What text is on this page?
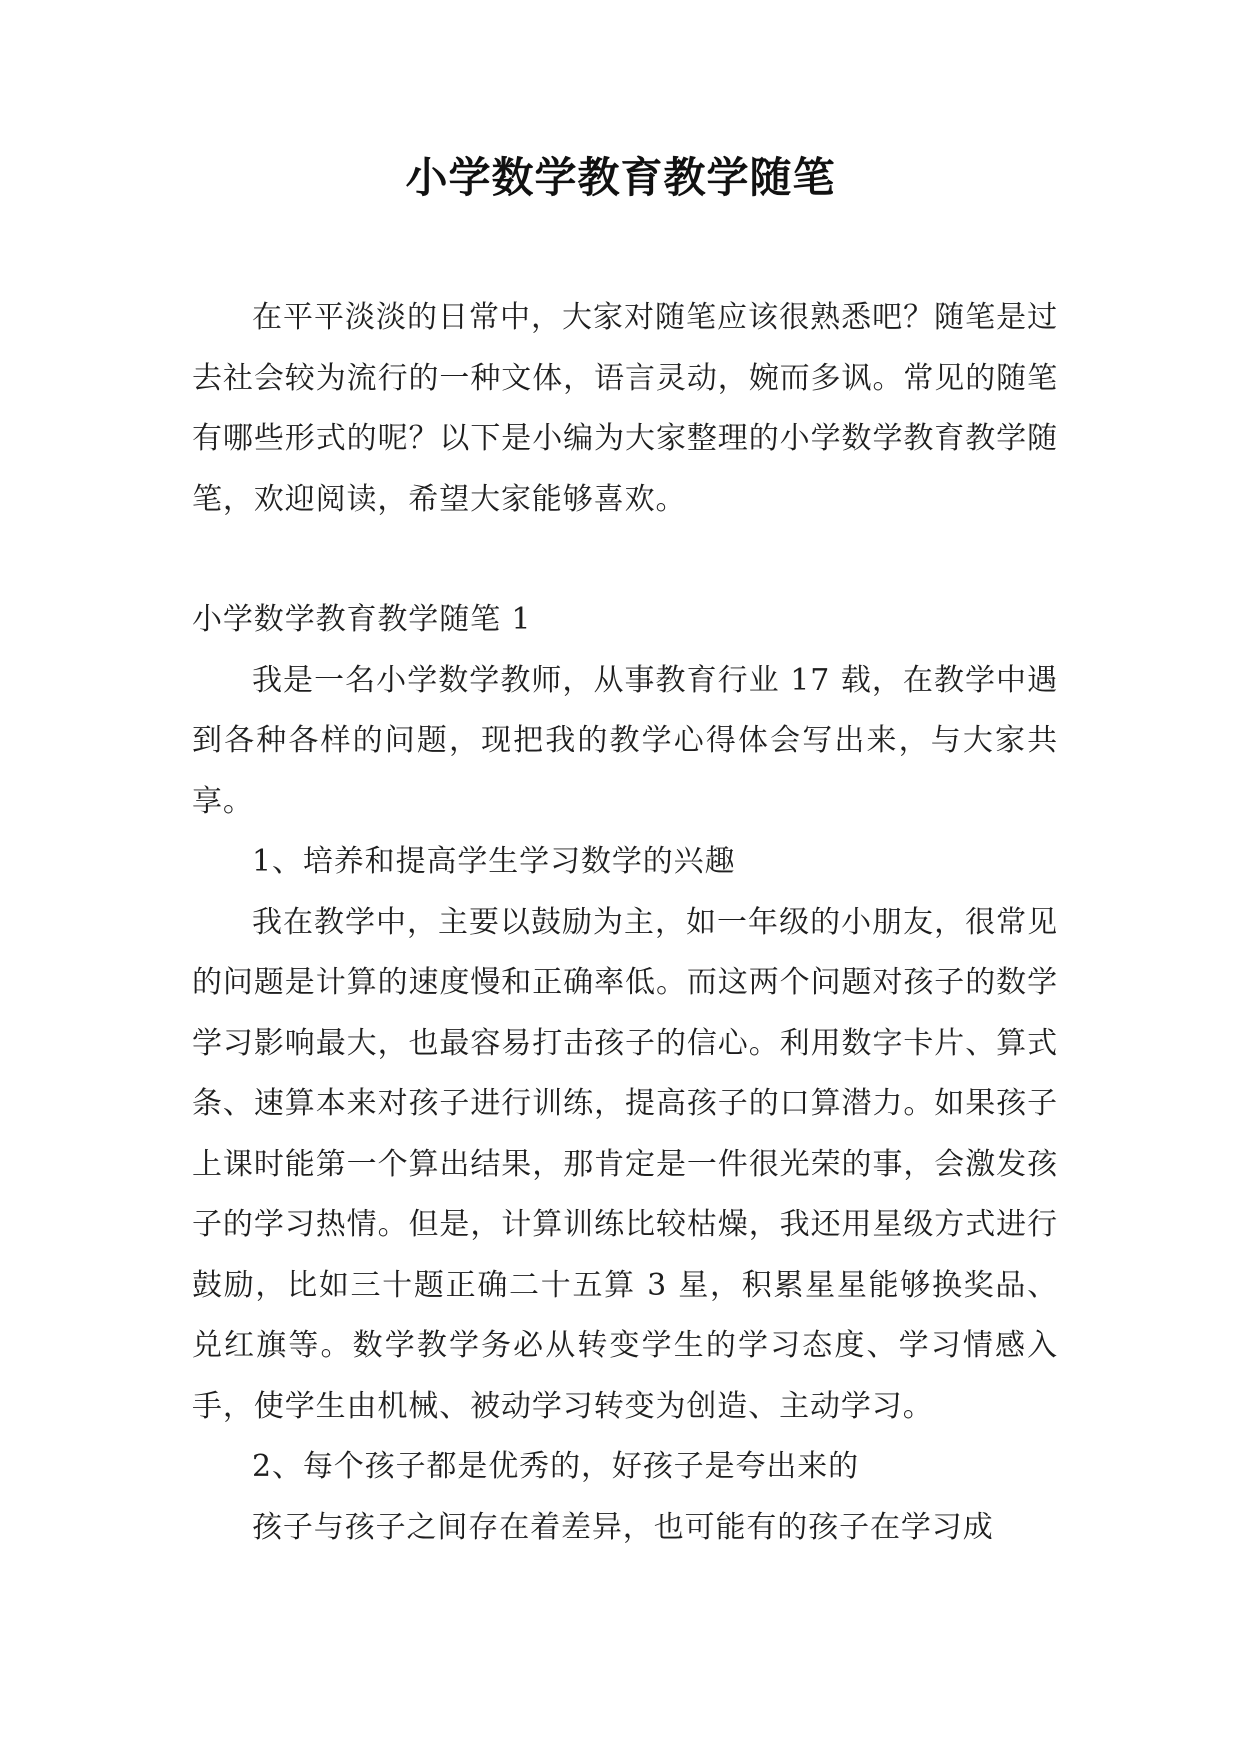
小学数学教育教学随笔

在平平淡淡的日常中，大家对随笔应该很熟悉吧？随笔是过去社会较为流行的一种文体，语言灵动，婉而多讽。常见的随笔有哪些形式的呢？以下是小编为大家整理的小学数学教育教学随笔，欢迎阅读，希望大家能够喜欢。

小学数学教育教学随笔 1

我是一名小学数学教师，从事教育行业 17 载，在教学中遇到各种各样的问题，现把我的教学心得体会写出来，与大家共享。

1、培养和提高学生学习数学的兴趣

我在教学中，主要以鼓励为主，如一年级的小朋友，很常见的问题是计算的速度慢和正确率低。而这两个问题对孩子的数学学习影响最大，也最容易打击孩子的信心。利用数字卡片、算式条、速算本来对孩子进行训练，提高孩子的口算潜力。如果孩子上课时能第一个算出结果，那肯定是一件很光荣的事，会激发孩子的学习热情。但是，计算训练比较枯燥，我还用星级方式进行鼓励，比如三十题正确二十五算 3 星，积累星星能够换奖品、兑红旗等。数学教学务必从转变学生的学习态度、学习情感入手，使学生由机械、被动学习转变为创造、主动学习。

2、每个孩子都是优秀的，好孩子是夸出来的

孩子与孩子之间存在着差异，也可能有的孩子在学习成
